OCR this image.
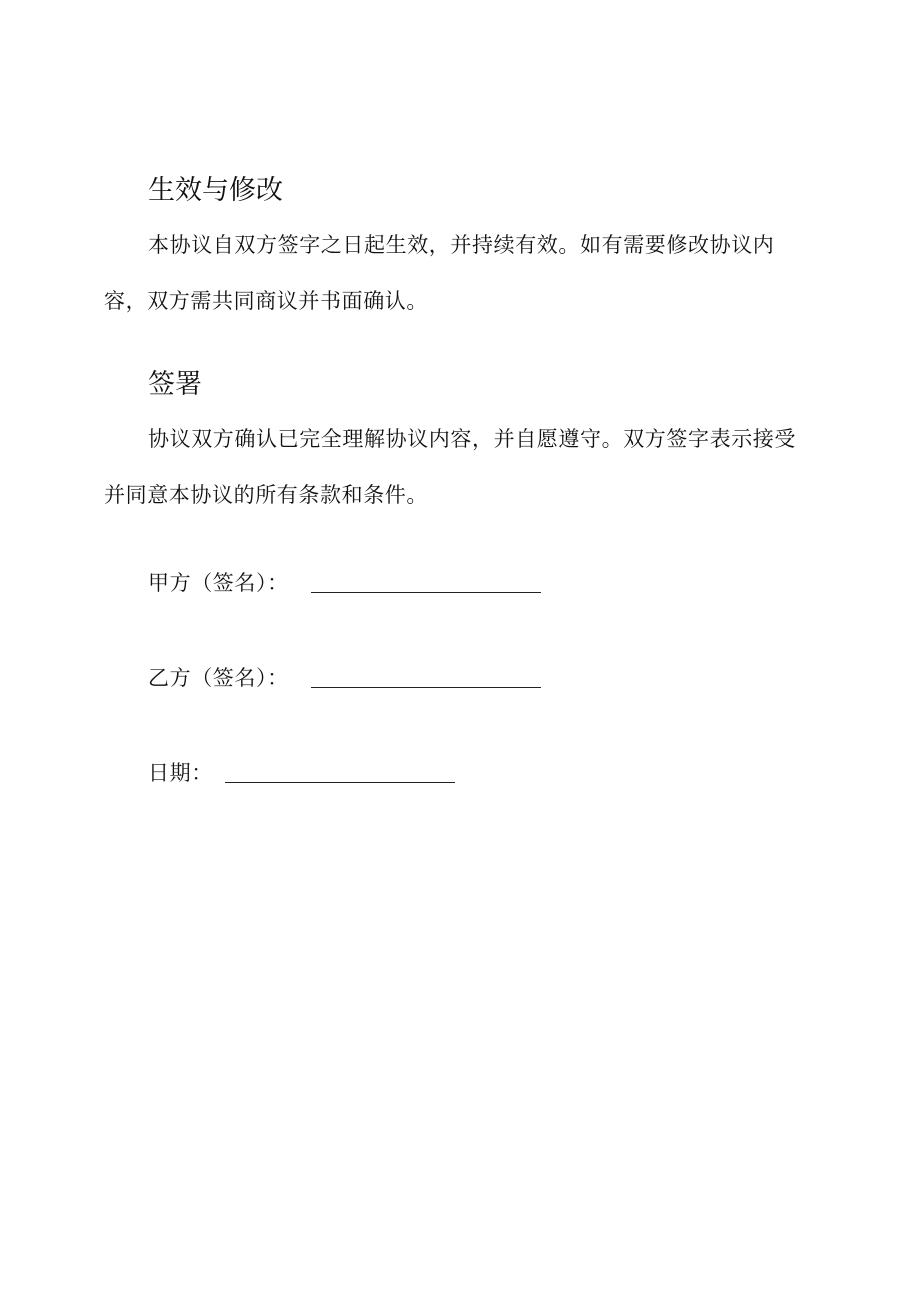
生效与修改

本协议自双方签字之日起生效，并持续有效。如有需要修改协议内容，双方需共同商议并书面确认。

签署

协议双方确认已完全理解协议内容，并自愿遵守。双方签字表示接受并同意本协议的所有条款和条件。

甲方（签名）：
乙方（签名）：
日期：
